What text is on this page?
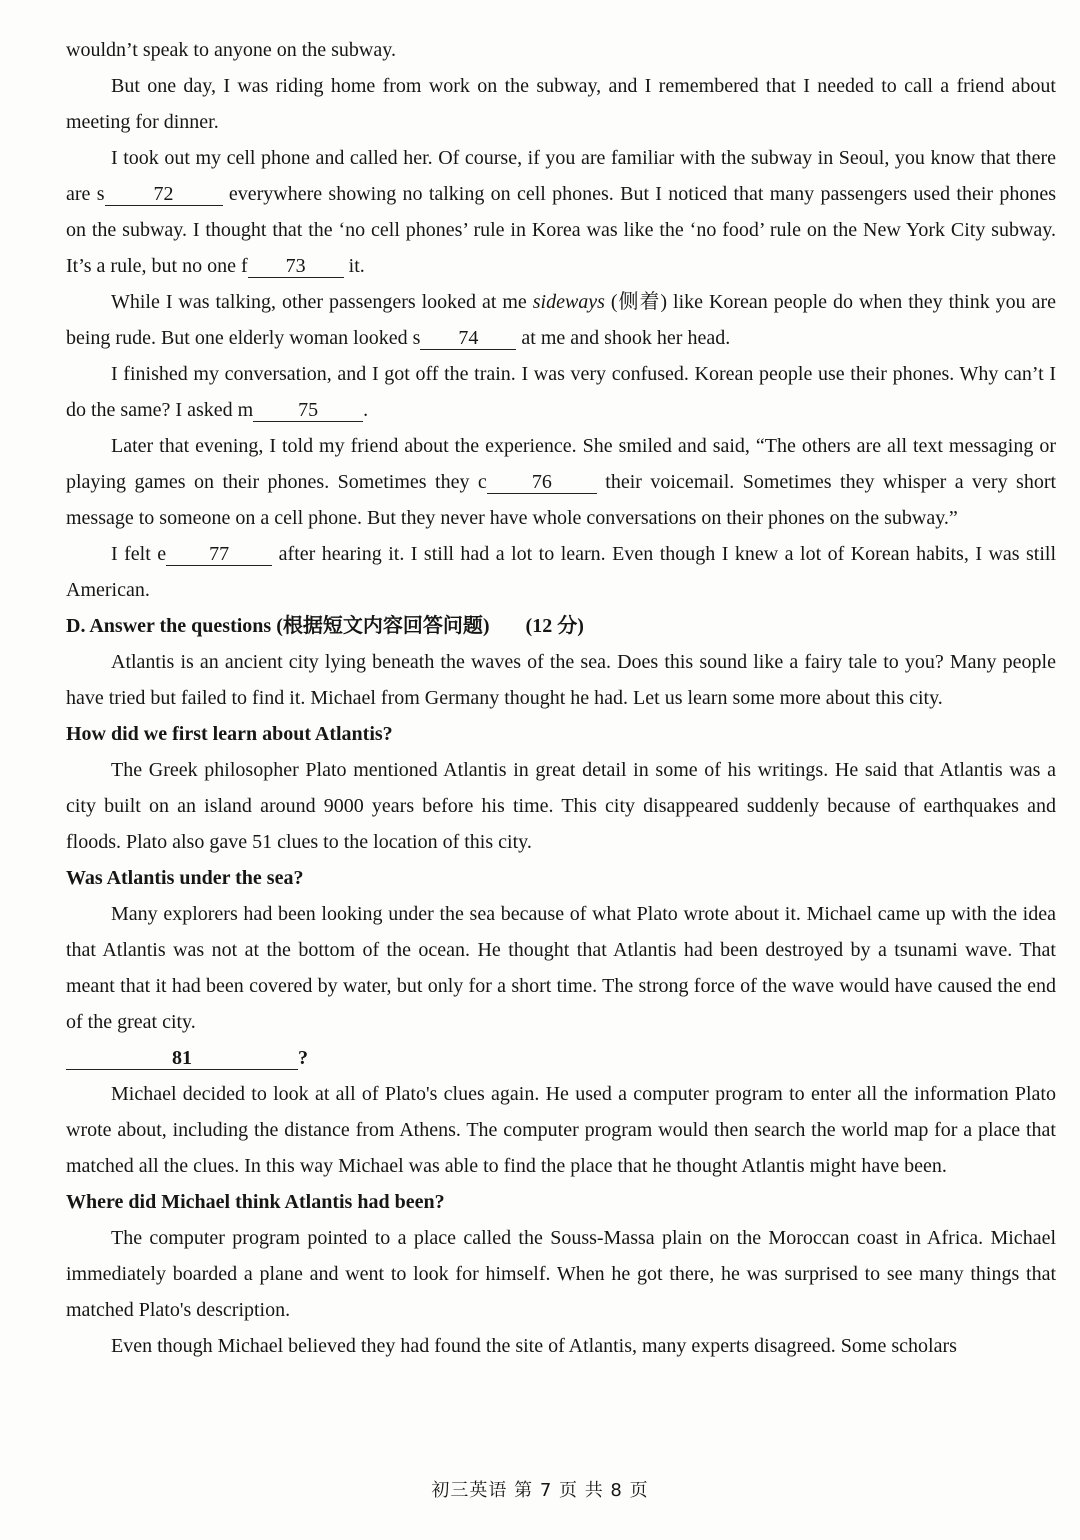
wouldn’t speak to anyone on the subway.

But one day, I was riding home from work on the subway, and I remembered that I needed to call a friend about meeting for dinner.

I took out my cell phone and called her. Of course, if you are familiar with the subway in Seoul, you know that there are s 72	everywhere showing no talking on cell phones. But I noticed that many passengers used their phones on the subway. I thought that the ‘no cell phones’ rule in Korea was like the ‘no food’ rule on the New York City subway. It’s a rule, but no one f 73 it.

While I was talking, other passengers looked at me sideways (侧着) like Korean people do when they think you are being rude. But one elderly woman looked s 74 at me and shook her head.

I finished my conversation, and I got off the train. I was very confused. Korean people use their phones. Why can’t I do the same? I asked m 75 .

Later that evening, I told my friend about the experience. She smiled and said, “The others are all text messaging or playing games on their phones. Sometimes they c 76	their voicemail. Sometimes they whisper a very short message to someone on a cell phone. But they never have whole conversations on their phones on the subway.”

I felt e 77 after hearing it. I still had a lot to learn. Even though I knew a lot of Korean habits, I was still American.

D. Answer the questions (根据短文内容回答问题) (12 分)

Atlantis is an ancient city lying beneath the waves of the sea. Does this sound like a fairy tale to you? Many people have tried but failed to find it. Michael from Germany thought he had. Let us learn some more about this city.

How did we first learn about Atlantis?

The Greek philosopher Plato mentioned Atlantis in great detail in some of his writings. He said that Atlantis was a city built on an island around 9000 years before his time. This city disappeared suddenly because of earthquakes and floods. Plato also gave 51 clues to the location of this city.

Was Atlantis under the sea?

Many explorers had been looking under the sea because of what Plato wrote about it. Michael came up with the idea that Atlantis was not at the bottom of the ocean. He thought that Atlantis had been destroyed by a tsunami wave. That meant that it had been covered by water, but only for a short time. The strong force of the wave would have caused the end of the great city.

81	?

Michael decided to look at all of Plato's clues again. He used a computer program to enter all the information Plato wrote about, including the distance from Athens. The computer program would then search the world map for a place that matched all the clues. In this way Michael was able to find the place that he thought Atlantis might have been.

Where did Michael think Atlantis had been?

The computer program pointed to a place called the Souss-Massa plain on the Moroccan coast in Africa. Michael immediately boarded a plane and went to look for himself. When he got there, he was surprised to see many things that matched Plato's description.

Even though Michael believed they had found the site of Atlantis, many experts disagreed. Some scholars

初三英语 第 7 页 共 8 页
